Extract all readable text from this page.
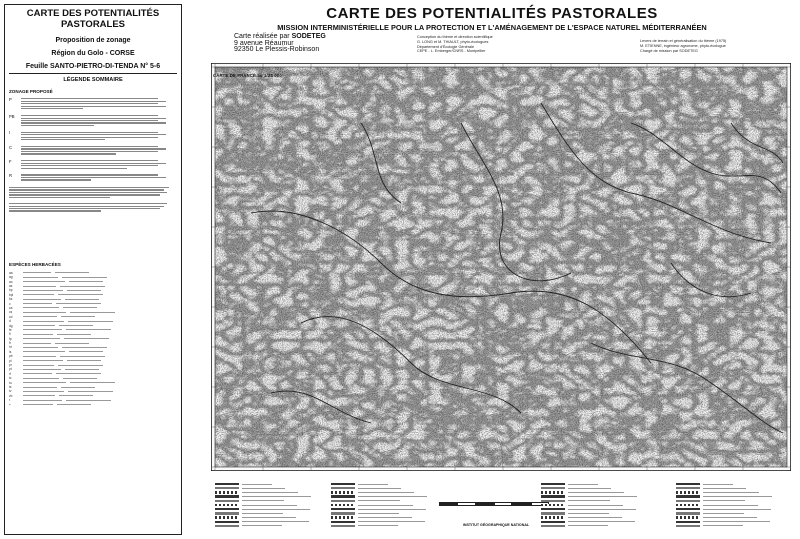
CARTE DES POTENTIALITÉS
PASTORALES
Proposition de zonage
Région du Golo - CORSE
Feuille SANTO-PIETRO-DI-TENDA N° 5-6
LÉGENDE SOMMAIRE
ZONAGE PROPOSÉ
P
PB
I
C
F
R
ESPÈCES HERBACÉES
aa
ag
ao
as
bp
bpi
bs
c
ca
cs
cd
d
dg
fe
fl
fp
fr
ht
ls
pb
pl
pr
pt
rf
tc
tu
ts
tv
vb
r
+
CARTE DES POTENTIALITÉS PASTORALES
MISSION INTERMINISTÉRIELLE POUR LA PROTECTION ET L'AMÉNAGEMENT DE L'ESPACE NATUREL MÉDITERRANÉEN
Carte réalisée par SODETEG
9 avenue Réaumur
92350 Le Plessis-Robinson
Conception du thème et direction scientifique
G. LONG et M. THIAULT, phyto-écologues
Département d'Écologie Générale
CEPE - L. Emberger/CNRS - Montpellier
Levers de terrain et généralisation du thème (1975)
M. ETIENNE, ingénieur agronome, phyto-écologue
Chargé de mission par SODETEG
CARTE DE FRANCE au 1/25 000
INSTITUT GÉOGRAPHIQUE NATIONAL
